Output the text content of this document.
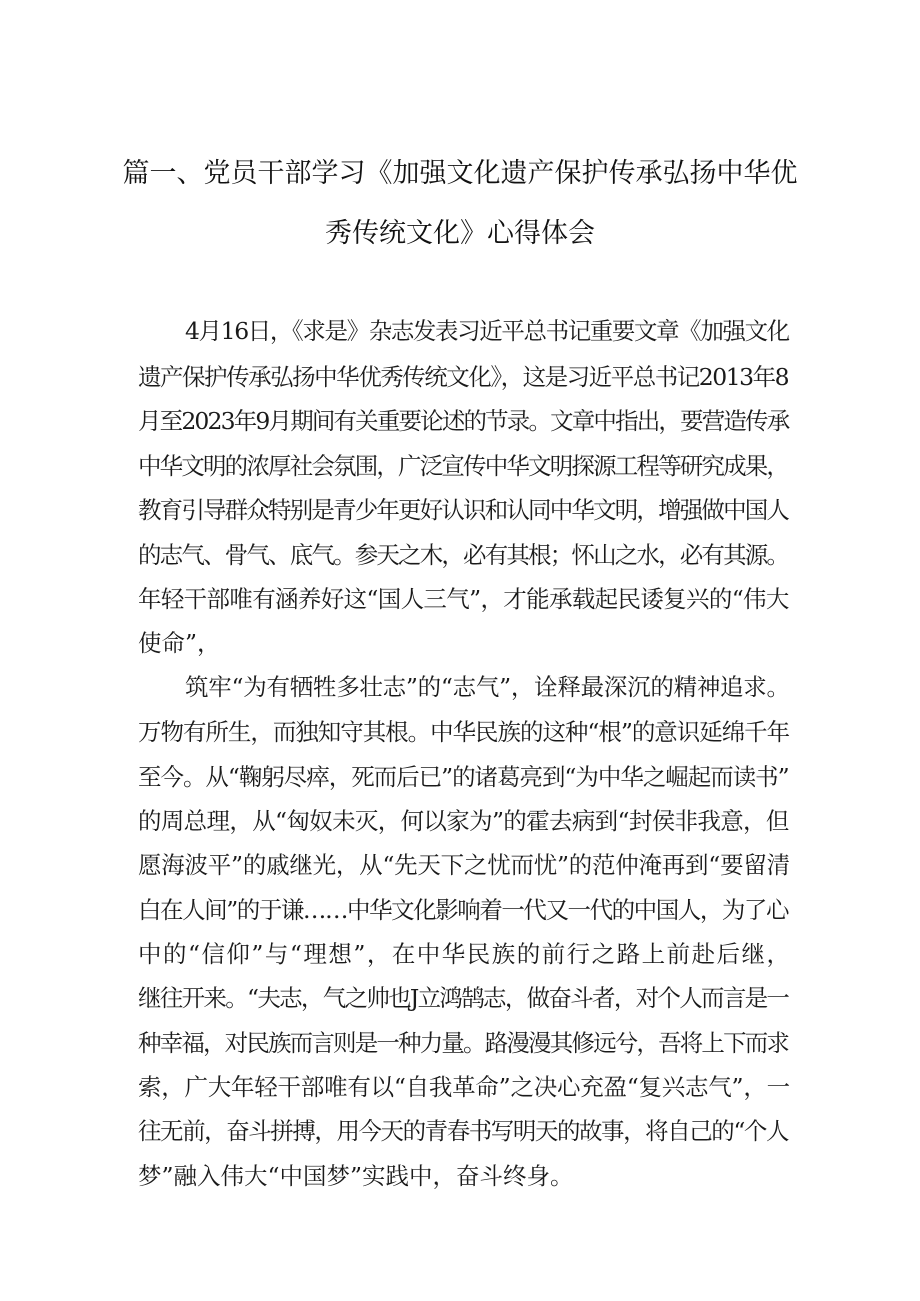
篇一、党员干部学习《加强文化遗产保护传承弘扬中华优
秀传统文化》心得体会

4月16日，《求是》杂志发表习近平总书记重要文章《加强文化

遗产保护传承弘扬中华优秀传统文化》，这是习近平总书记2013年8

月至2023年9月期间有关重要论述的节录。文章中指出，要营造传承

中华文明的浓厚社会氛围，广泛宣传中华文明探源工程等研究成果，

教育引导群众特别是青少年更好认识和认同中华文明，增强做中国人

的志气、骨气、底气。参天之木，必有其根；怀山之水，必有其源。

年轻干部唯有涵养好这“国人三气”，才能承载起民诿复兴的“伟大

使命”，

筑牢“为有牺牲多壮志”的“志气”，诠释最深沉的精神追求。

万物有所生，而独知守其根。中华民族的这种“根”的意识延绵千年

至今。从“鞠躬尽瘁，死而后已”的诸葛亮到“为中华之崛起而读书”

的周总理，从“匈奴未灭，何以家为”的霍去病到“封侯非我意，但

愿海波平”的戚继光，从“先天下之忧而忧”的范仲淹再到“要留清

白在人间”的于谦……中华文化影响着一代又一代的中国人，为了心

中的“信仰”与“理想”，在中华民族的前行之路上前赴后继，

继往开来。“夫志，气之帅也J立鸿鹄志，做奋斗者，对个人而言是一

种幸福，对民族而言则是一种力量。路漫漫其修远兮，吾将上下而求

索，广大年轻干部唯有以“自我革命”之决心充盈“复兴志气”，一

往无前，奋斗拼搏，用今天的青春书写明天的故事，将自己的“个人

梦”融入伟大“中国梦”实践中，奋斗终身。
